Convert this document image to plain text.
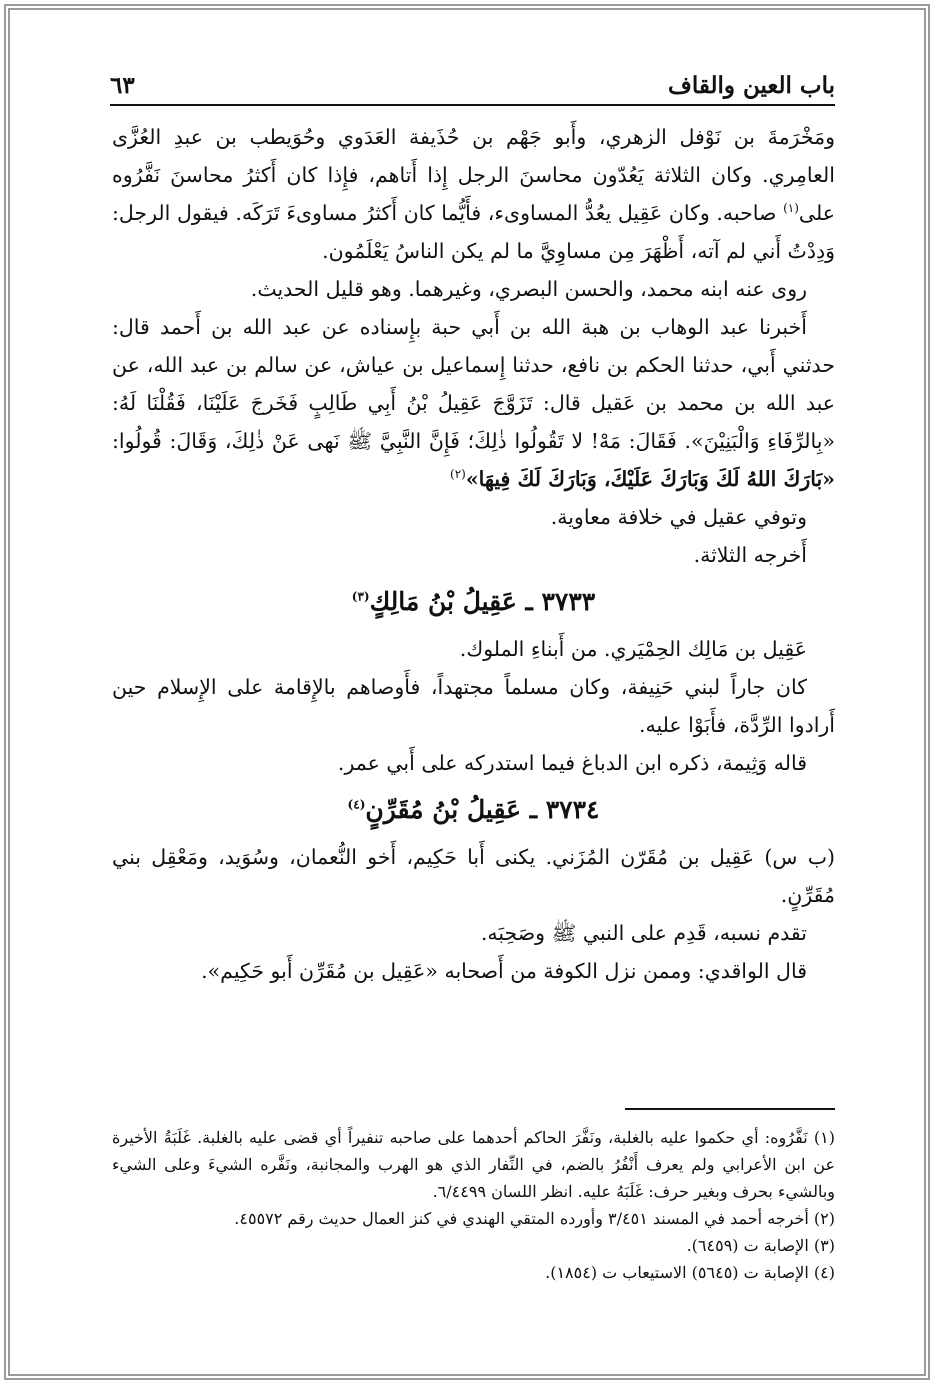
باب العين والقاف
٦٣

ومَخْرَمةَ بن نَوْفل الزهري، وأَبو جَهْم بن حُذَيفة العَدَوي وحُوَيطب بن عبدِ العُزَّى العامِري. وكان الثلاثة يَعُدّون محاسنَ الرجل إِذا أَتاهم، فإِذا كان أَكثرُ محاسنَ نَفَّرُوه على$^{(١)}$ صاحبه. وكان عَقِيل يعُدُّ المساوىء، فأَيُّما كان أَكثرُ مساوىءَ تَرَكَه. فيقول الرجل: وَدِدْتُ أَني لم آته، أَظْهَرَ مِن مساوِيَّ ما لم يكن الناسُ يَعْلَمُون.

روى عنه ابنه محمد، والحسن البصري، وغيرهما. وهو قليل الحديث.

أَخبرنا عبد الوهاب بن هبة الله بن أَبي حبة بإِسناده عن عبد الله بن أَحمد قال: حدثني أَبي، حدثنا الحكم بن نافع، حدثنا إِسماعيل بن عياش، عن سالم بن عبد الله، عن عبد الله بن محمد بن عَقيل قال: تَزَوَّجَ عَقِيلُ بْنُ أَبِي طَالِبٍ فَخَرجَ عَلَيْنَا، فَقُلْنَا لَهُ: «بِالرِّفَاءِ وَالْبَنِيْنَ». فَقَالَ: مَهْ! لا تَقُولُوا ذٰلِكَ؛ فَإِنَّ النَّبِيَّ ﷺ نَهى عَنْ ذٰلِكَ، وَقَالَ: قُولُوا: «بَارَكَ اللهُ لَكَ وَبَارَكَ عَلَيْكَ، وَبَارَكَ لَكَ فِيهَا»$^{(٢)}$

وتوفي عقيل في خلافة معاوية.

أَخرجه الثلاثة.

٣٧٣٣ ـ عَقِيلُ بْنُ مَالِكٍ$^{(٣)}$

عَقِيل بن مَالِك الحِمْيَري. من أَبناءِ الملوك.

كان جاراً لبني حَنِيفة، وكان مسلماً مجتهداً، فأَوصاهم بالإِقامة على الإِسلام حين أَرادوا الرِّدَّة، فأَبَوْا عليه.

قاله وَثِيمة، ذكره ابن الدباغ فيما استدركه على أَبي عمر.

٣٧٣٤ ـ عَقِيلُ بْنُ مُقَرِّنٍ$^{(٤)}$

(ب س) عَقِيل بن مُقَرّن المُزَني. يكنى أَبا حَكِيم، أَخو النُّعمان، وسُوَيد، ومَعْقِل بني مُقَرِّنٍ.

تقدم نسبه، قَدِم على النبي ﷺ وصَحِبَه.

قال الواقدي: وممن نزل الكوفة من أَصحابه «عَقِيل بن مُقَرِّن أَبو حَكِيم».

(١) نَفَّرُوه: أي حكموا عليه بالغلبة، ونَفَّرَ الحاكم أحدهما على صاحبه تنفيراً أي قضى عليه بالغلبة. غَلَبَةُ الأخيرة عن ابن الأعرابي ولم يعرف أَنْفُرُ بالضم، في النِّفار الذي هو الهرب والمجانبة، ونَفَّره الشيءَ وعلى الشيء وبالشيء بحرف وبغير حرف: غَلَبَهُ عليه. انظر اللسان ٦/٤٤٩٩.

(٢) أخرجه أحمد في المسند ٣/٤٥١ وأورده المتقي الهندي في كنز العمال حديث رقم ٤٥٥٧٢.

(٣) الإصابة ت (٦٤٥٩).

(٤) الإصابة ت (٥٦٤٥) الاستيعاب ت (١٨٥٤).
